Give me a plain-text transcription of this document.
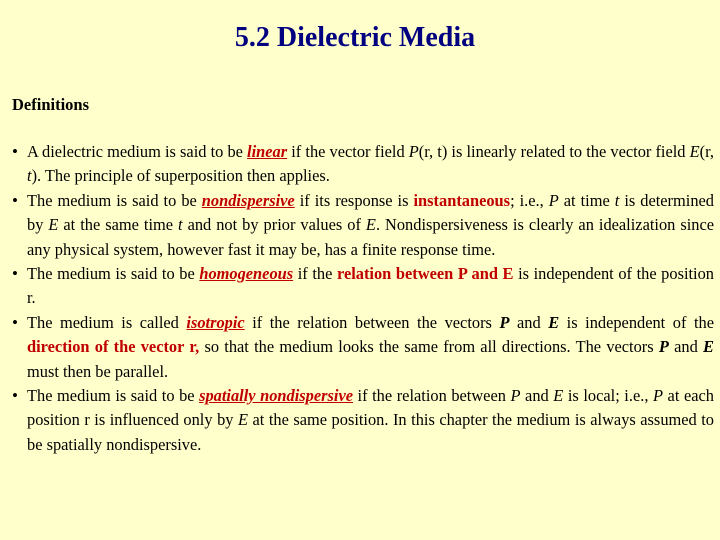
5.2 Dielectric Media
Definitions
• A dielectric medium is said to be linear if the vector field P(r, t) is linearly related to the vector field E(r, t). The principle of superposition then applies.
• The medium is said to be nondispersive if its response is instantaneous; i.e., P at time t is determined by E at the same time t and not by prior values of E. Nondispersiveness is clearly an idealization since any physical system, however fast it may be, has a finite response time.
• The medium is said to be homogeneous if the relation between P and E is independent of the position r.
• The medium is called isotropic if the relation between the vectors P and E is independent of the direction of the vector r, so that the medium looks the same from all directions. The vectors P and E must then be parallel.
• The medium is said to be spatially nondispersive if the relation between P and E is local; i.e., P at each position r is influenced only by E at the same position. In this chapter the medium is always assumed to be spatially nondispersive.
